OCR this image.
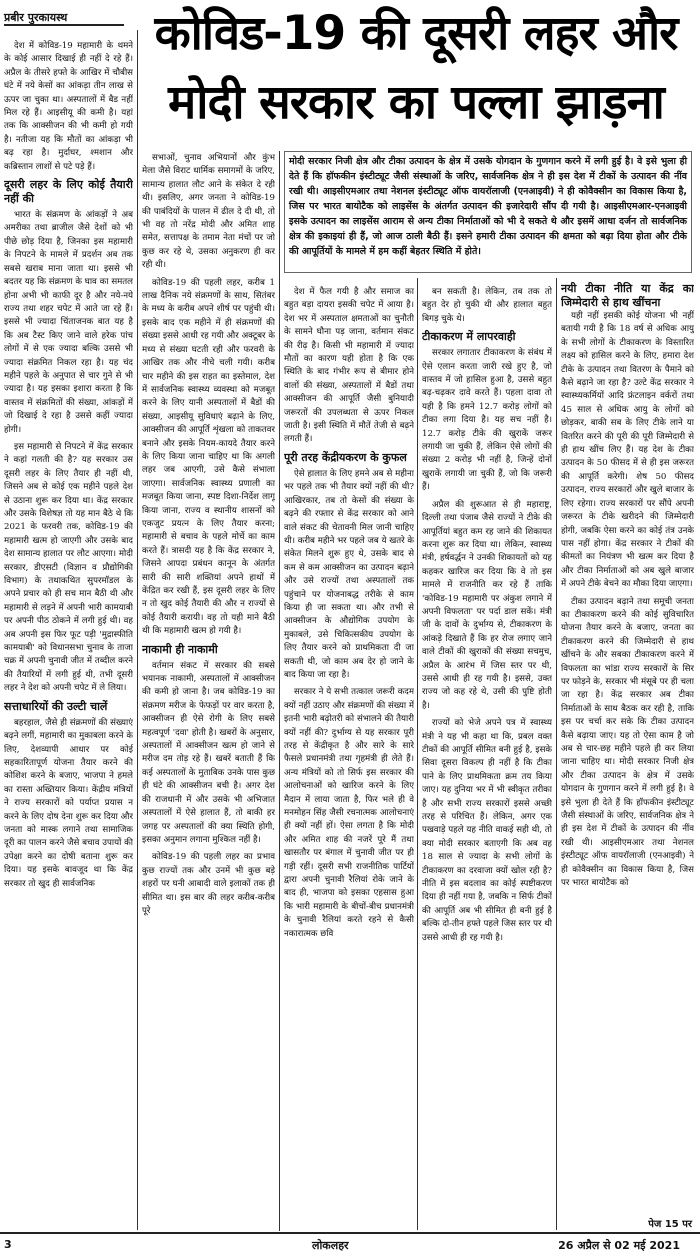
प्रबीर पुरकायस्थ	कोविड-19 की दूसरी लहर और
मोदी सरकार का पल्ला झाड़ना
मोदी सरकार निजी क्षेत्र और टीका उत्पादन के क्षेत्र में उसके योगदान के गुणगान करने में लगी हुई है। वे इसे भुला ही देते हैं कि हॉफकीन इंस्टीट्यूट जैसी संस्थाओं के जरिए, सार्वजनिक क्षेत्र ने ही इस देश में टीकों के उत्पादन की नींव रखी थी। आइसीएमआर तथा नेशनल इंस्टीट्यूट ऑफ वायरॉलाजी (एनआइवी) ने ही कोवैक्सीन का विकास किया है, जिस पर भारत बायोटैक को लाइसेंस के अंतर्गत उत्पादन की इजारेदारी सौंप दी गयी है। आइसीएमआर-एनआइवी इसके उत्पादन का लाइसेंस आराम से अन्य टीका निर्माताओं को भी दे सकते थे और इसमें आधा दर्जन तो सार्वजनिक क्षेत्र की इकाइयां ही हैं, जो आज ठाली बैठी हैं। इसने हमारी टीका उत्पादन की क्षमता को बढ़ा दिया होता और टीके की आपूर्तियों के मामले में हम कहीं बेहतर स्थिति में होते।

देश में कोविड-19 महामारी के थमने के कोई आसार दिखाई ही नहीं दे रहे हैं। अप्रैल के तीसरे हफ्ते के आखिर में चौबीस घंटे में नये केसों का आंकड़ा तीन लाख से ऊपर जा चुका था। अस्पतालों में बैड नहीं मिल रहे हैं। आइसीयू की कमी है। यहां तक कि आक्सीजन की भी कमी हो गयी है। नतीजा यह कि मौतों का आंकड़ा भी बढ़ रहा है। मुर्दाघर, श्मशान और कब्रिस्तान लाशों से पटे पड़े हैं।

दूसरी लहर के लिए कोई तैयारी नहीं की

भारत के संक्रमण के आंकड़ों ने अब अमरीका तथा ब्राजील जैसे देशों को भी पीछे छोड़ दिया है, जिनका इस महामारी के निपटने के मामले में प्रदर्शन अब तक सबसे खराब माना जाता था। इससे भी बदतर यह कि संक्रमण के घाव का समतल होना अभी भी काफी दूर है और नये-नये राज्य तथा शहर चपेट में आते जा रहे हैं। इससे भी ज्यादा चिंताजनक बात यह है कि अब टैस्ट किए जाने वाले हरेक पांच लोगों में से एक ज्यादा बल्कि उससे भी ज्यादा संक्रमित निकल रहा है। यह चंद महीने पहले के अनुपात से चार गुने से भी ज्यादा है। यह इसका इशारा करता है कि वास्तव में संक्रमितों की संख्या, आंकड़ों में जो दिखाई दे रहा है उससे कहीं ज्यादा होगी।

इस महामारी से निपटने में केंद्र सरकार ने कहां गलती की है? यह सरकार उस दूसरी लहर के लिए तैयार ही नहीं थी, जिसने अब से कोई एक महीने पहले देश से उठाना शुरू कर दिया था। केंद्र सरकार और उसके विशेषज्ञ तो यह मान बैठे थे कि 2021 के फरवरी तक, कोविड-19 की महामारी खत्म हो जाएगी और उसके बाद देश सामान्य हालात पर लौट आएगा। मोदी सरकार, डीएसटी (विज्ञान व प्रौद्योगिकी विभाग) के तथाकथित सुपरमॉडल के अपने प्रचार को ही सच मान बैठी थी और महामारी से लड़ने में अपनी भारी कामयाबी पर अपनी पीठ ठोकने में लगी हुई थी। वह अब अपनी इस फिर फूट पड़ी 'मुद्रास्फीति कामयाबी' को विधानसभा चुनाव के ताजा चक्र में अपनी चुनावी जीत में तब्दील करने की तैयारियों में लगी हुई थी, तभी दूसरी लहर ने देश को अपनी चपेट में ले लिया।

सत्ताधारियों की उल्टी चालें

बहरहाल, जैसे ही संक्रमणों की संख्याएं बढ़ने लगीं, महामारी का मुकाबला करने के लिए, देशव्यापी आधार पर कोई सहकारितापूर्ण योजना तैयार करने की कोशिश करने के बजाए, भाजपा ने हमले का रास्ता अख्तियार किया। केंद्रीय मंत्रियों ने राज्य सरकारों को पर्याप्त प्रयास न करने के लिए दोष देना शुरू कर दिया और जनता को मास्क लगाने तथा सामाजिक दूरी का पालन करने जैसे बचाव उपायों की उपेक्षा करने का दोषी बताना शुरू कर दिया। यह इसके बावजूद था कि केंद्र सरकार तो खुद ही सार्वजनिक

सभाओं, चुनाव अभियानों और कुंभ मेला जैसे विराट धार्मिक समागमों के जरिए, सामान्य हालात लौट आने के संकेत दे रही थी। इसलिए, अगर जनता ने कोविड-19 की पाबंदियों के पालन में ढील दे दी थी, तो भी वह तो नरेंद्र मोदी और अमित शाह समेत, सत्तापक्ष के तमाम नेता मंचों पर जो कुछ कर रहे थे, उसका अनुकरण ही कर रही थी।

कोविड-19 की पहली लहर, करीब 1 लाख दैनिक नये संक्रमणों के साथ, सितंबर के मध्य के करीब अपने शीर्ष पर पहुंची थी। इसके बाद एक महीने में ही संक्रमणों की संख्या इससे आधी रह गयी और अक्टूबर के मध्य से संख्या घटती रही और फरवरी के आखिर तक और नीचे चली गयी। करीब चार महीने की इस राहत का इस्तेमाल, देश में सार्वजनिक स्वास्थ्य व्यवस्था को मजबूत करने के लिए यानी अस्पतालों में बैडों की संख्या, आइसीयू सुविधाएं बढ़ाने के लिए, आक्सीजन की आपूर्ति शृंखला को ताकतवर बनाने और इसके नियम-कायदे तैयार करने के लिए किया जाना चाहिए था कि अगली लहर जब आएगी, उसे कैसे संभाला जाएगा। सार्वजनिक स्वास्थ्य प्रणाली का मजबूत किया जाना, स्पष्ट दिशा-निर्देश लागू किया जाना, राज्य व स्थानीय शासनों को एकजुट प्रयत्न के लिए तैयार करना; महामारी से बचाव के पहले मोर्चे का काम करते हैं। त्रासदी यह है कि केंद्र सरकार ने, जिसने आपदा प्रबंधन कानून के अंतर्गत सारी की सारी शक्तियां अपने हाथों में केंद्रित कर रखी हैं, इस दूसरी लहर के लिए न तो खुद कोई तैयारी की और न राज्यों से कोई तैयारी करायी। वह तो यही माने बैठी थी कि महामारी खत्म हो गयी है।

नाकामी ही नाकामी

वर्तमान संकट में सरकार की सबसे भयानक नाकामी, अस्पतालों में आक्सीजन की कमी हो जाना है। जब कोविड-19 का संक्रमण मरीज के फेफड़ों पर वार करता है, आक्सीजन ही ऐसे रोगी के लिए सबसे महत्वपूर्ण 'दवा' होती है। खबरों के अनुसार, अस्पतालों में आक्सीजन खत्म हो जाने से मरीज दम तोड़ रहे हैं। खबरें बताती हैं कि कई अस्पतालों के मुताबिक उनके पास कुछ ही घंटे की आक्सीजन बची है। अगर देश की राजधानी में और उसके भी अभिजात अस्पतालों में ऐसे हालात हैं, तो बाकी हर जगह पर अस्पतालों की क्या स्थिति होगी, इसका अनुमान लगाना मुश्किल नहीं है।

कोविड-19 की पहली लहर का प्रभाव कुछ राज्यों तक और उनमें भी कुछ बड़े शहरों पर घनी आबादी वाले इलाकों तक ही सीमित था। इस बार की लहर करीब-करीब पूरे

देश में फैल गयी है और समाज का बहुत बड़ा दायरा इसकी चपेट में आया है। देश भर में अस्पताल क्षमताओं का चुनौती के सामने घौना पड़ जाना, वर्तमान संकट की रीढ़ है। किसी भी महामारी में ज्यादा मौतों का कारण यही होता है कि एक स्थिति के बाद गंभीर रूप से बीमार होने वालों की संख्या, अस्पतालों में बैडों तथा आक्सीजन की आपूर्ति जैसी बुनियादी जरूरतों की उपलब्धता से ऊपर निकल जाती है। इसी स्थिति में मौतें तेजी से बढ़ने लगती हैं।

पूरी तरह केंद्रीयकरण के कुफल

ऐसे हालात के लिए हमने अब से महीना भर पहले तक भी तैयार क्यों नहीं की थी? आखिरकार, तब तो केसों की संख्या के बढ़ने की रफ्तार से केंद्र सरकार को आने वाले संकट की चेतावनी मिल जानी चाहिए थी। करीब महीने भर पहले जब ये खतरे के संकेत मिलने शुरू हुए थे, उसके बाद से कम से कम आक्सीजन का उत्पादन बढ़ाने और उसे राज्यों तथा अस्पतालों तक पहुंचाने पर योजनाबद्ध तरीके से काम किया ही जा सकता था। और तभी से आक्सीजन के औद्योगिक उपयोग के मुकाबले, उसे चिकित्सकीय उपयोग के लिए तैयार करने को प्राथमिकता दी जा सकती थी, जो काम अब देर हो जाने के बाद किया जा रहा है।

सरकार ने ये सभी तत्काल जरूरी कदम क्यों नहीं उठाए और संक्रमणों की संख्या में इतनी भारी बढ़ोतरी को संभालने की तैयारी क्यों नहीं की? दुर्भाग्य से यह सरकार पूरी तरह से केंद्रीकृत है और सारे के सारे फैसले प्रधानमंत्री तथा गृहमंत्री ही लेते हैं। अन्य मंत्रियों को तो सिर्फ इस सरकार की आलोचनाओं को खारिज करने के लिए मैदान में लाया जाता है, फिर भले ही वे मनमोहन सिंह जैसी रचनात्मक आलोचनाएं ही क्यों नहीं हों। ऐसा लगता है कि मोदी और अमित शाह की नजरें पूरे मैं तथा खासतौर पर बंगाल में चुनावी जीत पर ही गड़ी रहीं। दूसरी सभी राजनीतिक पार्टियों द्वारा अपनी चुनावी रैलियां रोके जाने के बाद ही, भाजपा को इसका एहसास हुआ कि भारी महामारी के बीचों-बीच प्रधानमंत्री के चुनावी रैलियां करते रहने से कैसी नकारात्मक छवि

बन सकती है। लेकिन, तब तक तो बहुत देर हो चुकी थी और हालात बहुत बिगड़ चुके थे।

टीकाकरण में लापरवाही

सरकार लगातार टीकाकरण के संबंध में ऐसे एलान करता जारी रखे हुए है, जो वास्तव में जो हासिल हुआ है, उससे बहुत बढ़-चढ़कर दावे करते हैं। पहला दावा तो यही है कि हमने 12.7 करोड़ लोगों को टीका लगा दिया है। यह सच नहीं है। 12.7 करोड़ टीके की खुराकें जरूर लगायी जा चुकी हैं, लेकिन ऐसे लोगों की संख्या 2 करोड़ भी नहीं है, जिन्हें दोनों खुराकें लगायी जा चुकी हैं, जो कि जरूरी हैं।

अप्रैल की शुरूआत से ही महाराष्ट्र, दिल्ली तथा पंजाब जैसे राज्यों ने टीके की आपूर्तियां बहुत कम रह जाने की शिकायत करना शुरू कर दिया था। लेकिन, स्वास्थ्य मंत्री, हर्षवर्द्धन ने उनकी शिकायतों को यह कहकर खारिज कर दिया कि वे तो इस मामले में राजनीति कर रहे हैं ताकि 'कोविड-19 महामारी पर अंकुश लगाने में अपनी विफलता' पर पर्दा डाल सकें। मंत्री जी के दावों के दुर्भाग्य से, टीकाकरण के आंकड़े दिखाते हैं कि हर रोज लगाए जाने वाले टीकों की खुराकों की संख्या सचमुच, अप्रैल के आरंभ में जिस स्तर पर थी, उससे आधी ही रह गयी है। इससे, उक्त राज्य जो कह रहे थे, उसी की पुष्टि होती है।

राज्यों को भेजे अपने पत्र में स्वास्थ्य मंत्री ने यह भी कहा था कि, प्रबल वक्त टीकों की आपूर्ति सीमित बनी हुई है, इसके सिवा दूसरा विकल्प ही नहीं है कि टीका पाने के लिए प्राथमिकता क्रम तय किया जाए। यह दुनिया भर में भी स्वीकृत तरीका है और सभी राज्य सरकारों इससे अच्छी तरह से परिचित हैं। लेकिन, अगर एक पखवाड़े पहले यह नीति वाकई सही थी, तो क्या मोदी सरकार बताएगी कि अब वह 18 साल से ज्यादा के सभी लोगों के टीकाकरण का दरवाजा क्यों खोल रही है? नीति में इस बदलाव का कोई स्पष्टीकरण दिया ही नहीं गया है, जबकि न सिर्फ टीकों की आपूर्ति अब भी सीमित ही बनी हुई है बल्कि दो-तीन हफ्ते पहले जिस स्तर पर थी उससे आधी ही रह गयी है।

नयी टीका नीति या केंद्र का जिम्मेदारी से हाथ खींचना

यही नहीं इसकी कोई योजना भी नहीं बतायी गयी है कि 18 वर्ष से अधिक आयु के सभी लोगों के टीकाकरण के विस्तारित लक्ष्य को हासिल करने के लिए, हमारा देश टीके के उत्पादन तथा वितरण के पैमाने को कैसे बढ़ाने जा रहा है? उल्टे केंद्र सरकार ने स्वास्थ्यकर्मियों आदि फ्रंटलाइन वर्करों तथा 45 साल से अधिक आयु के लोगों को छोड़कर, बाकी सब के लिए टीके लाने या वितरित करने की पूरी की पूरी जिम्मेदारी से ही हाथ खींच लिए हैं। यह देश के टीका उत्पादन के 50 फीसद में से ही इस जरूरत की आपूर्ति करेगी। शेष 50 फीसद उत्पादन, राज्य सरकारों और खुले बाजार के लिए रहेगा। राज्य सरकारों पर सौंपे अपनी जरूरत के टीके खरीदने की जिम्मेदारी होगी, जबकि ऐसा करने का कोई तंत्र उनके पास नहीं होगा। केंद्र सरकार ने टीकों की कीमतों का नियंत्रण भी खत्म कर दिया है और टीका निर्माताओं को अब खुले बाजार में अपने टीके बेचने का मौका दिया जाएगा।

टीका उत्पादन बढ़ाने तथा समूची जनता का टीकाकरण करने की कोई सुविचारित योजना तैयार करने के बजाए, जनता का टीकाकरण करने की जिम्मेदारी से हाथ खींचने के और सबका टीकाकरण करने में विफलता का भांडा राज्य सरकारों के सिर पर फोड़ने के, सरकार भी मंसूबे पर ही चला जा रहा है। केंद्र सरकार अब टीका निर्माताओं के साथ बैठक कर रही है, ताकि इस पर चर्चा कर सके कि टीका उत्पादन कैसे बढ़ाया जाए। यह तो ऐसा काम है जो अब से चार-छह महीने पहले ही कर लिया जाना चाहिए था। मोदी सरकार निजी क्षेत्र और टीका उत्पादन के क्षेत्र में उसके योगदान के गुणगान करने में लगी हुई है। वे इसे भुला ही देते हैं कि हॉफकीन इंस्टीट्यूट जैसी संस्थाओं के जरिए, सार्वजनिक क्षेत्र ने ही इस देश में टीकों के उत्पादन की नींव रखी थी। आइसीएमआर तथा नेशनल इंस्टीट्यूट ऑफ वायरॉलाजी (एनआइवी) ने ही कोवैक्सीन का विकास किया है, जिस पर भारत बायोटैक को

पेज 15 पर
3	लोकलहर	26 अप्रैल से 02 मई 2021
